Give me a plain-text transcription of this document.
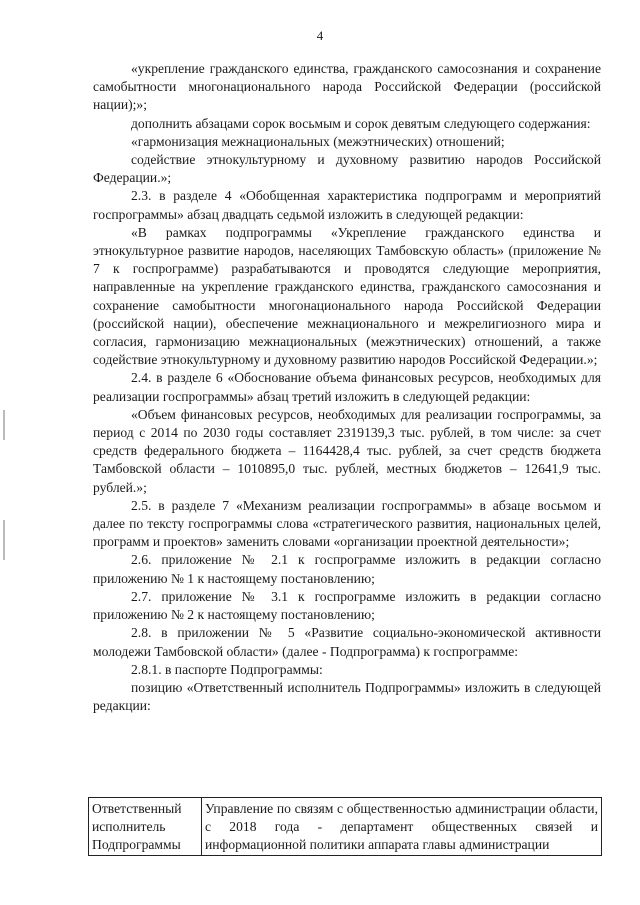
4

«укрепление гражданского единства, гражданского самосознания и сохранение самобытности многонационального народа Российской Федерации (российской нации);»;

дополнить абзацами сорок восьмым и сорок девятым следующего содержания:

«гармонизация межнациональных (межэтнических) отношений;

содействие этнокультурному и духовному развитию народов Российской Федерации.»;

2.3. в разделе 4 «Обобщенная характеристика подпрограмм и мероприятий госпрограммы» абзац двадцать седьмой изложить в следующей редакции:

«В рамках подпрограммы «Укрепление гражданского единства и этнокультурное развитие народов, населяющих Тамбовскую область» (приложение № 7 к госпрограмме) разрабатываются и проводятся следующие мероприятия, направленные на укрепление гражданского единства, гражданского самосознания и сохранение самобытности многонационального народа Российской Федерации (российской нации), обеспечение межнационального и межрелигиозного мира и согласия, гармонизацию межнациональных (межэтнических) отношений, а также содействие этнокультурному и духовному развитию народов Российской Федерации.»;

2.4. в разделе 6 «Обоснование объема финансовых ресурсов, необходимых для реализации госпрограммы» абзац третий изложить в следующей редакции:

«Объем финансовых ресурсов, необходимых для реализации госпрограммы, за период с 2014 по 2030 годы составляет 2319139,3 тыс. рублей, в том числе: за счет средств федерального бюджета – 1164428,4 тыс. рублей, за счет средств бюджета Тамбовской области – 1010895,0 тыс. рублей, местных бюджетов – 12641,9 тыс. рублей.»;

2.5. в разделе 7 «Механизм реализации госпрограммы» в абзаце восьмом и далее по тексту госпрограммы слова «стратегического развития, национальных целей, программ и проектов» заменить словами «организации проектной деятельности»;

2.6. приложение № 2.1 к госпрограмме изложить в редакции согласно приложению № 1 к настоящему постановлению;

2.7. приложение № 3.1 к госпрограмме изложить в редакции согласно приложению № 2 к настоящему постановлению;

2.8. в приложении № 5 «Развитие социально-экономической активности молодежи Тамбовской области» (далее - Подпрограмма) к госпрограмме:

2.8.1. в паспорте Подпрограммы:

позицию «Ответственный исполнитель Подпрограммы» изложить в следующей редакции:

Ответственный исполнитель Подпрограммы	Управление по связям с общественностью администрации области, с 2018 года - департамент общественных связей и информационной политики аппарата главы администрации
